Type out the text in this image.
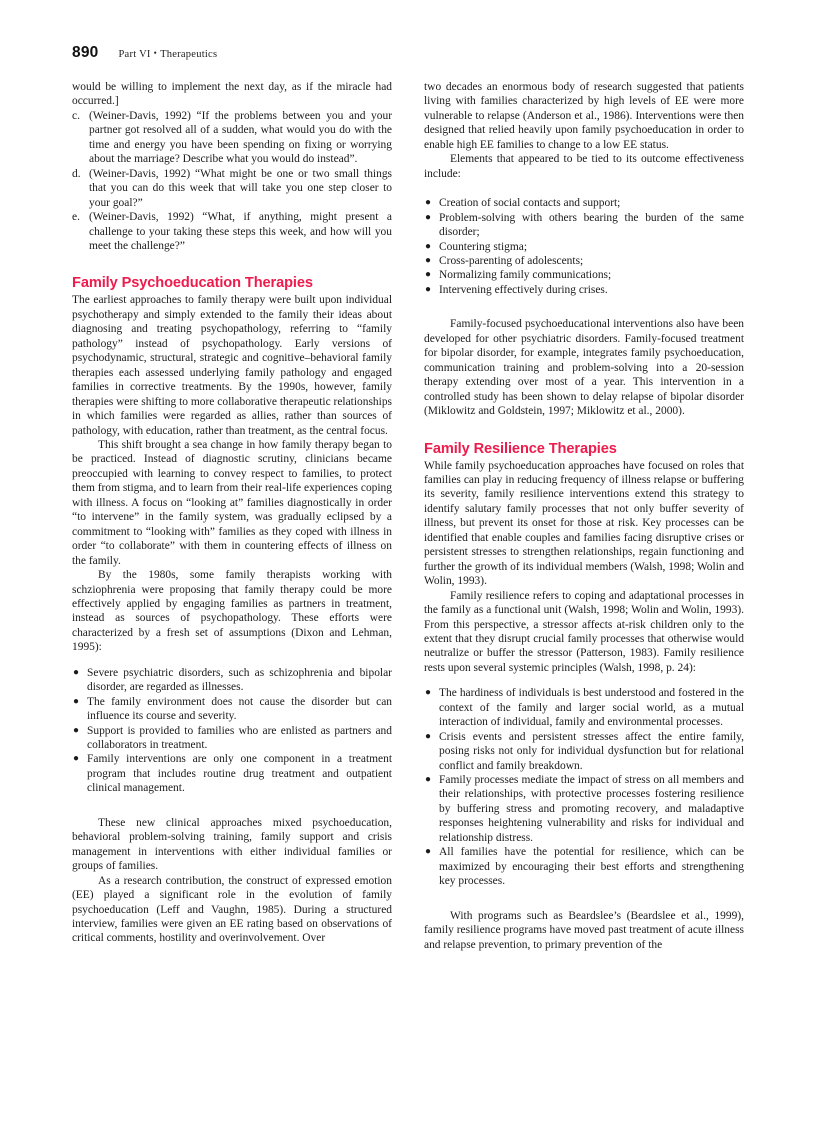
890 Part VI • Therapeutics

would be willing to implement the next day, as if the miracle had occurred.]

c. (Weiner-Davis, 1992) “If the problems between you and your partner got resolved all of a sudden, what would you do with the time and energy you have been spending on fixing or worrying about the marriage? Describe what you would do instead”.
d. (Weiner-Davis, 1992) “What might be one or two small things that you can do this week that will take you one step closer to your goal?”
e. (Weiner-Davis, 1992) “What, if anything, might present a challenge to your taking these steps this week, and how will you meet the challenge?”
Family Psychoeducation Therapies

The earliest approaches to family therapy were built upon individual psychotherapy and simply extended to the family their ideas about diagnosing and treating psychopathology, referring to “family pathology” instead of psychopathology. Early versions of psychodynamic, structural, strategic and cognitive–behavioral family therapies each assessed underlying family pathology and engaged families in corrective treatments. By the 1990s, however, family therapies were shifting to more collaborative therapeutic relationships in which families were regarded as allies, rather than sources of pathology, with education, rather than treatment, as the central focus.

This shift brought a sea change in how family therapy began to be practiced. Instead of diagnostic scrutiny, clinicians became preoccupied with learning to convey respect to families, to protect them from stigma, and to learn from their real-life experiences coping with illness. A focus on “looking at” families diagnostically in order “to intervene” in the family system, was gradually eclipsed by a commitment to “looking with” families as they coped with illness in order “to collaborate” with them in countering effects of illness on the family.

By the 1980s, some family therapists working with schziophrenia were proposing that family therapy could be more effectively applied by engaging families as partners in treatment, instead as sources of psychopathology. These efforts were characterized by a fresh set of assumptions (Dixon and Lehman, 1995):

● Severe psychiatric disorders, such as schizophrenia and bipolar disorder, are regarded as illnesses.
● The family environment does not cause the disorder but can influence its course and severity.
● Support is provided to families who are enlisted as partners and collaborators in treatment.
● Family interventions are only one component in a treatment program that includes routine drug treatment and outpatient clinical management.

These new clinical approaches mixed psychoeducation, behavioral problem-solving training, family support and crisis management in interventions with either individual families or groups of families.

As a research contribution, the construct of expressed emotion (EE) played a significant role in the evolution of family psychoeducation (Leff and Vaughn, 1985). During a structured interview, families were given an EE rating based on observations of critical comments, hostility and overinvolvement. Over

two decades an enormous body of research suggested that patients living with families characterized by high levels of EE were more vulnerable to relapse (Anderson et al., 1986). Interventions were then designed that relied heavily upon family psychoeducation in order to enable high EE families to change to a low EE status.

Elements that appeared to be tied to its outcome effectiveness include:

● Creation of social contacts and support;
● Problem-solving with others bearing the burden of the same disorder;
● Countering stigma;
● Cross-parenting of adolescents;
● Normalizing family communications;
● Intervening effectively during crises.

Family-focused psychoeducational interventions also have been developed for other psychiatric disorders. Family-focused treatment for bipolar disorder, for example, integrates family psychoeducation, communication training and problem-solving into a 20-session therapy extending over most of a year. This intervention in a controlled study has been shown to delay relapse of bipolar disorder (Miklowitz and Goldstein, 1997; Miklowitz et al., 2000).

Family Resilience Therapies

While family psychoeducation approaches have focused on roles that families can play in reducing frequency of illness relapse or buffering its severity, family resilience interventions extend this strategy to identify salutary family processes that not only buffer severity of illness, but prevent its onset for those at risk. Key processes can be identified that enable couples and families facing disruptive crises or persistent stresses to strengthen relationships, regain functioning and further the growth of its individual members (Walsh, 1998; Wolin and Wolin, 1993).

Family resilience refers to coping and adaptational processes in the family as a functional unit (Walsh, 1998; Wolin and Wolin, 1993). From this perspective, a stressor affects at-risk children only to the extent that they disrupt crucial family processes that otherwise would neutralize or buffer the stressor (Patterson, 1983). Family resilience rests upon several systemic principles (Walsh, 1998, p. 24):

● The hardiness of individuals is best understood and fostered in the context of the family and larger social world, as a mutual interaction of individual, family and environmental processes.
● Crisis events and persistent stresses affect the entire family, posing risks not only for individual dysfunction but for relational conflict and family breakdown.
● Family processes mediate the impact of stress on all members and their relationships, with protective processes fostering resilience by buffering stress and promoting recovery, and maladaptive responses heightening vulnerability and risks for individual and relationship distress.
● All families have the potential for resilience, which can be maximized by encouraging their best efforts and strengthening key processes.

With programs such as Beardslee’s (Beardslee et al., 1999), family resilience programs have moved past treatment of acute illness and relapse prevention, to primary prevention of the
